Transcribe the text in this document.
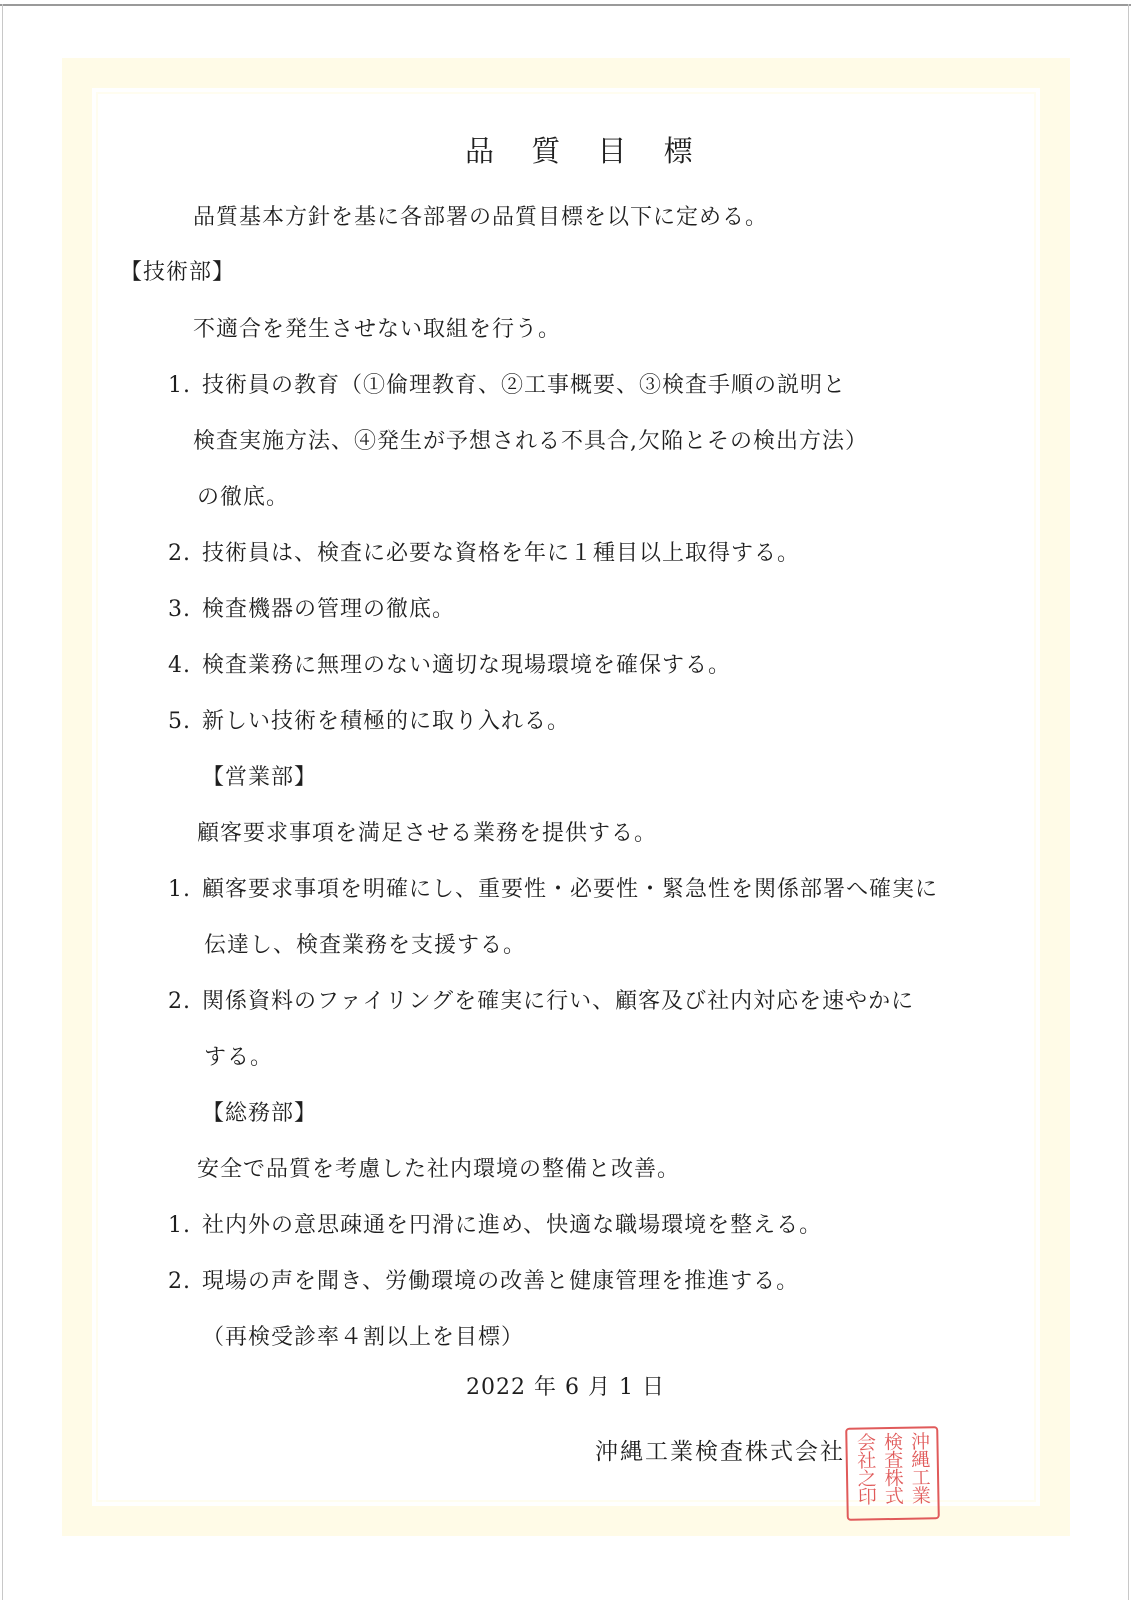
品 質 目 標
品質基本方針を基に各部署の品質目標を以下に定める。
【技術部】
不適合を発生させない取組を行う。
1. 技術員の教育（①倫理教育、②工事概要、③検査手順の説明と
検査実施方法、④発生が予想される不具合,欠陥とその検出方法）
の徹底。
2. 技術員は、検査に必要な資格を年に１種目以上取得する。
3. 検査機器の管理の徹底。
4. 検査業務に無理のない適切な現場環境を確保する。
5. 新しい技術を積極的に取り入れる。
【営業部】
顧客要求事項を満足させる業務を提供する。
1. 顧客要求事項を明確にし、重要性・必要性・緊急性を関係部署へ確実に
伝達し、検査業務を支援する。
2. 関係資料のファイリングを確実に行い、顧客及び社内対応を速やかに
する。
【総務部】
安全で品質を考慮した社内環境の整備と改善。
1. 社内外の意思疎通を円滑に進め、快適な職場環境を整える。
2. 現場の声を聞き、労働環境の改善と健康管理を推進する。
（再検受診率４割以上を目標）
2022 年 6 月 1 日
沖縄工業検査株式会社	沖縄工業
検査株式
会社之印
